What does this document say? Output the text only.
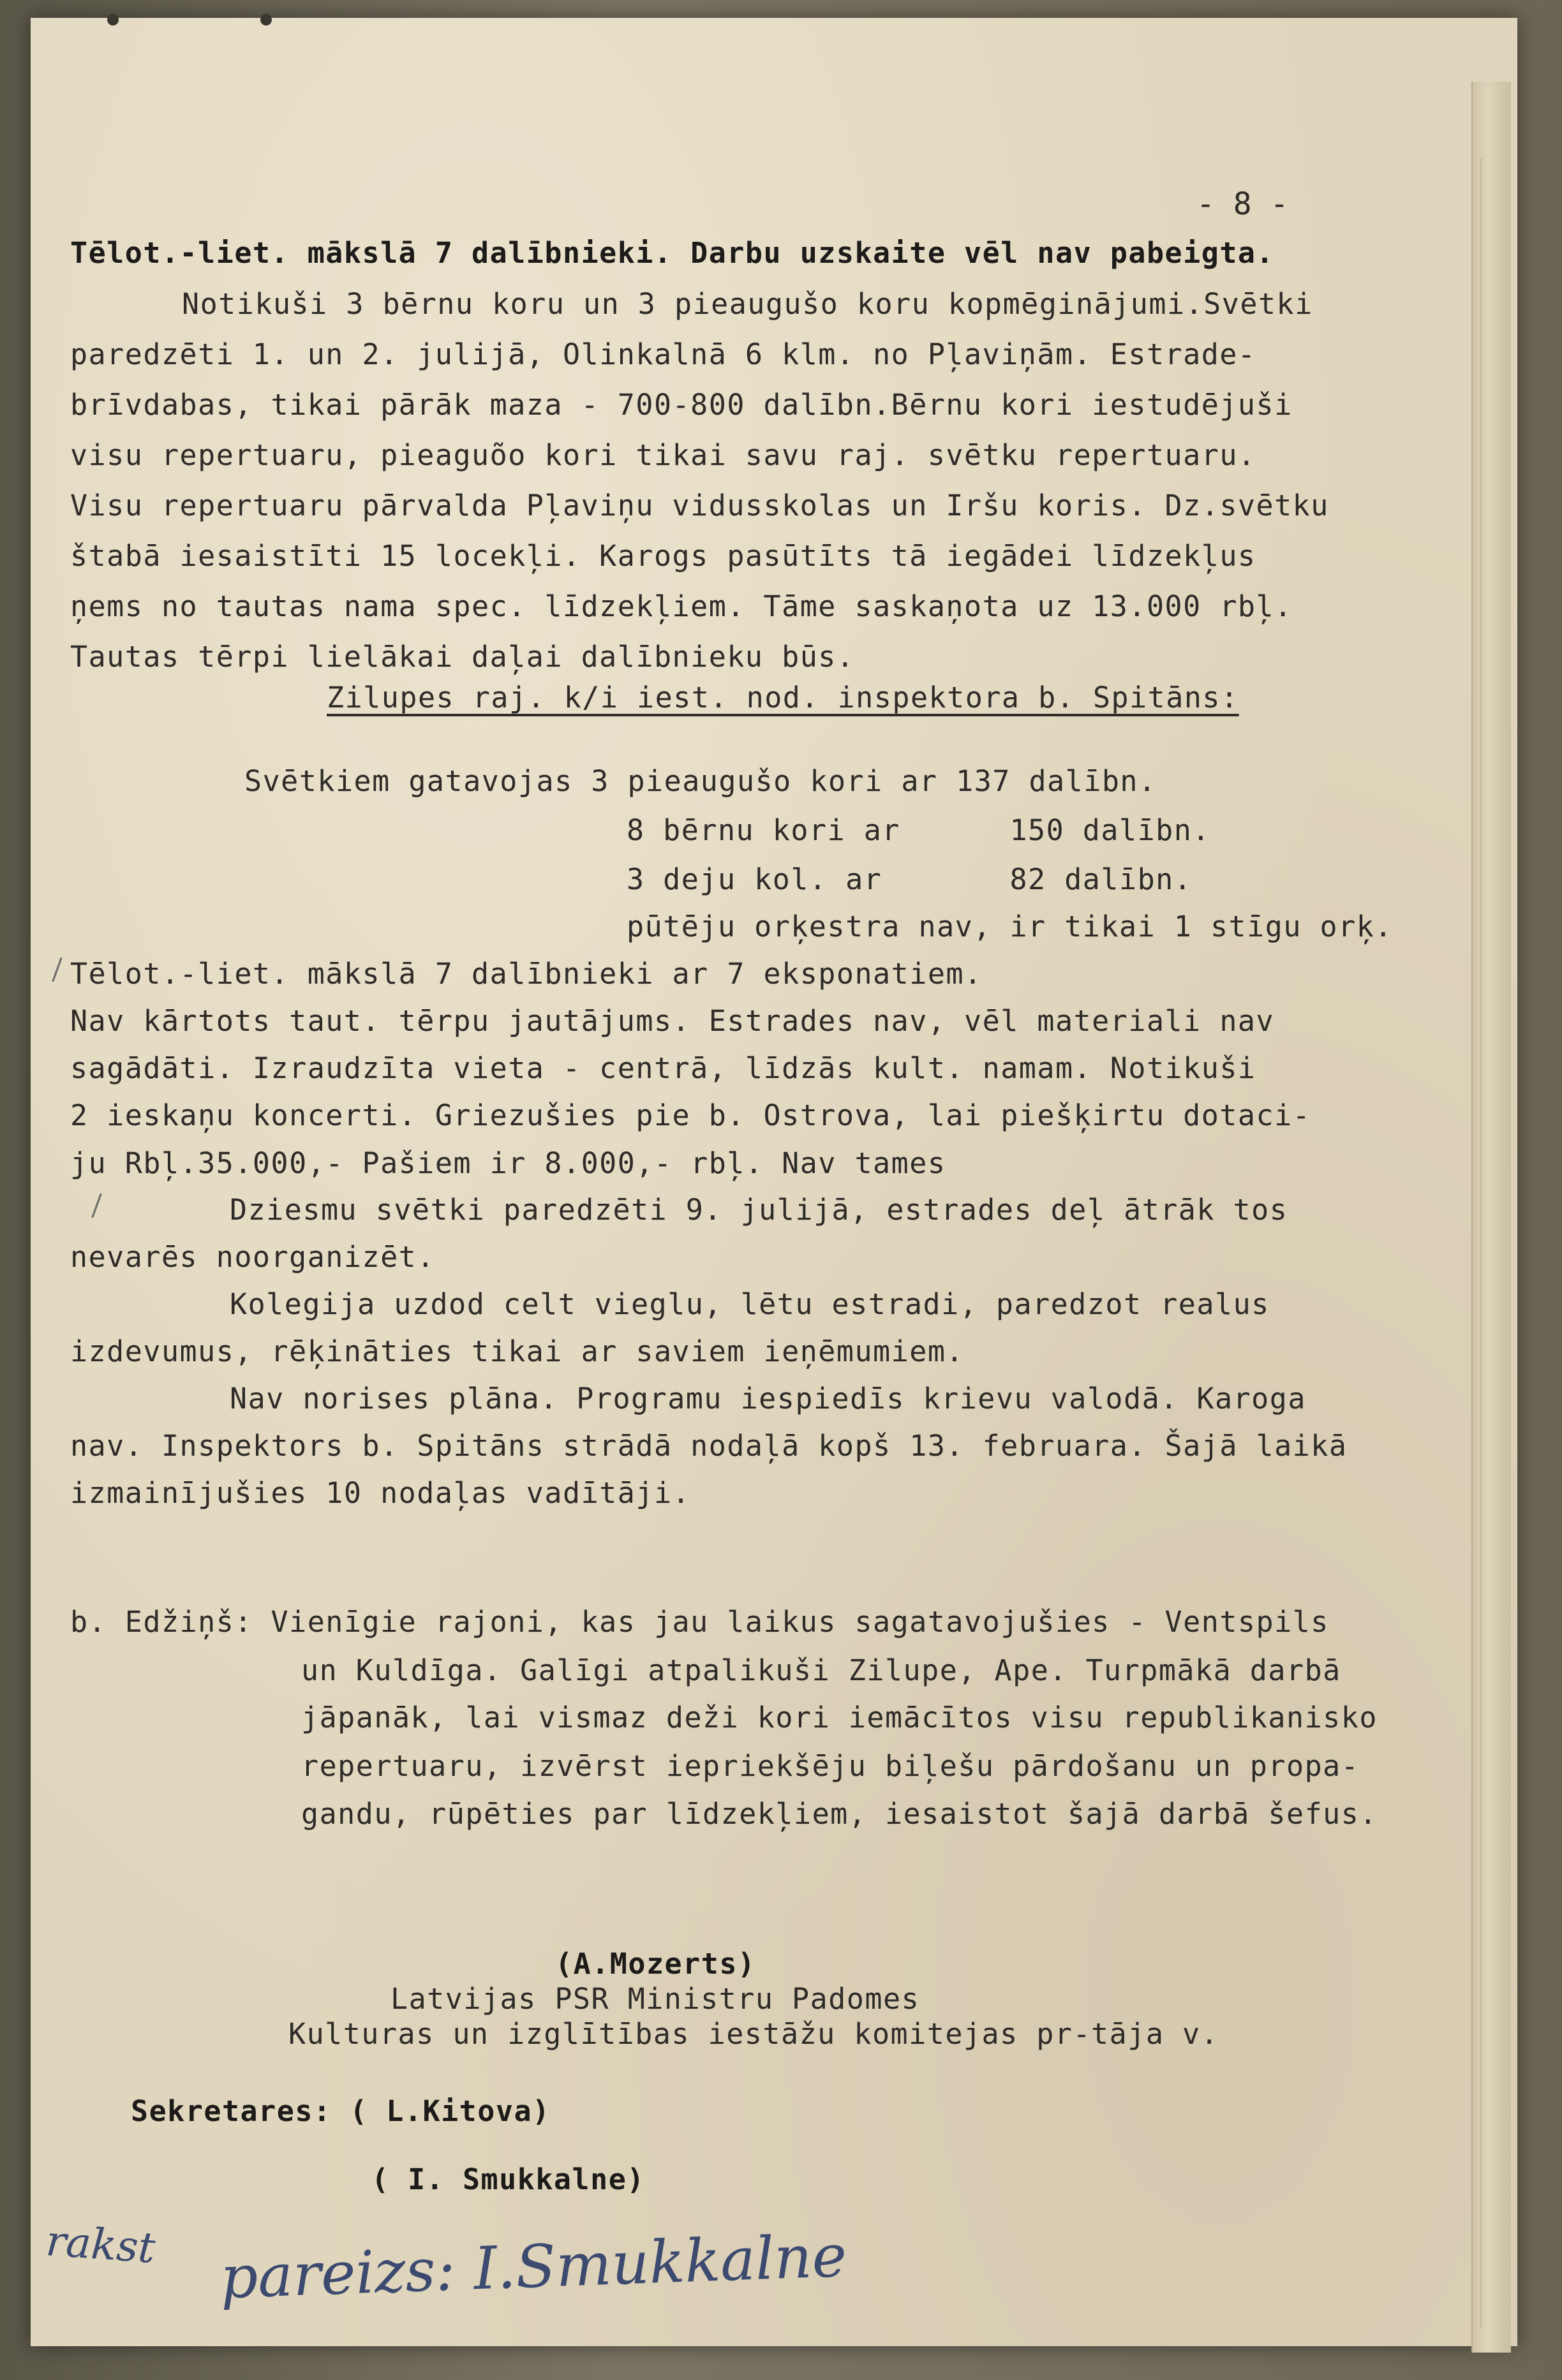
- 8 -
Tēlot.-liet. mākslā 7 dalībnieki. Darbu uzskaite vēl nav pabeigta.
Notikuši 3 bērnu koru un 3 pieaugušo koru kopmēginājumi.Svētki
paredzēti 1. un 2. julijā, Olinkalnā 6 klm. no Pļaviņām. Estrade-
brīvdabas, tikai pārāk maza - 700-800 dalībn.Bērnu kori iestudējuši
visu repertuaru, pieaguõo kori tikai savu raj. svētku repertuaru.
Visu repertuaru pārvalda Pļaviņu vidusskolas un Iršu koris. Dz.svētku
štabā iesaistīti 15 locekļi. Karogs pasūtīts tā iegādei līdzekļus
ņems no tautas nama spec. līdzekļiem. Tāme saskaņota uz 13.000 rbļ.
Tautas tērpi lielākai daļai dalībnieku būs.
Zilupes raj. k/i iest. nod. inspektora b. Spitāns:
Svētkiem gatavojas 3 pieaugušo kori ar 137 dalībn.
8 bērnu kori ar      150 dalībn.
3 deju kol. ar       82 dalībn.
pūtēju orķestra nav, ir tikai 1 stīgu orķ.
Tēlot.-liet. mākslā 7 dalībnieki ar 7 eksponatiem.
Nav kārtots taut. tērpu jautājums. Estrades nav, vēl materiali nav
sagādāti. Izraudzīta vieta - centrā, līdzās kult. namam. Notikuši
2 ieskaņu koncerti. Griezušies pie b. Ostrova, lai piešķirtu dotaci-
ju Rbļ.35.000,- Pašiem ir 8.000,- rbļ. Nav tames
Dziesmu svētki paredzēti 9. julijā, estrades deļ ātrāk tos
nevarēs noorganizēt.
Kolegija uzdod celt vieglu, lētu estradi, paredzot realus
izdevumus, rēķināties tikai ar saviem ieņēmumiem.
Nav norises plāna. Programu iespiedīs krievu valodā. Karoga
nav. Inspektors b. Spitāns strādā nodaļā kopš 13. februara. Šajā laikā
izmainījušies 10 nodaļas vadītāji.
b. Edžiņš: Vienīgie rajoni, kas jau laikus sagatavojušies - Ventspils
un Kuldīga. Galīgi atpalikuši Zilupe, Ape. Turpmākā darbā
jāpanāk, lai vismaz deži kori iemācītos visu republikanisko
repertuaru, izvērst iepriekšēju biļešu pārdošanu un propa-
gandu, rūpēties par līdzekļiem, iesaistot šajā darbā šefus.
(A.Mozerts)
Latvijas PSR Ministru Padomes
Kulturas un izglītības iestāžu komitejas pr-tāja v.
Sekretares: ( L.Kitova)
( I. Smukkalne)
rakst pareizs: I.Smukkalne
